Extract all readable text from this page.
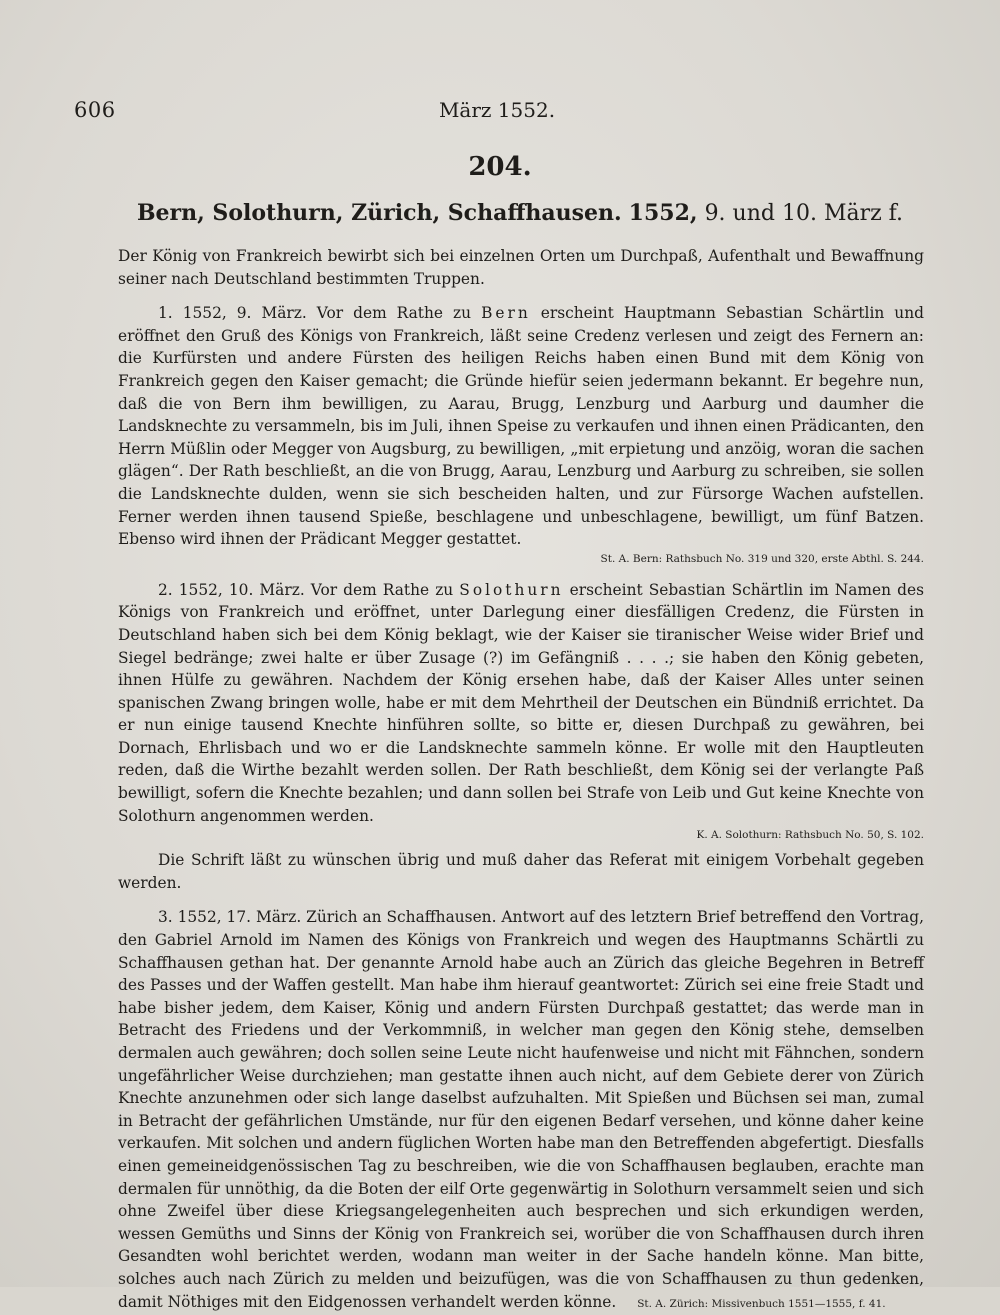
606	März 1552.
204.
Bern, Solothurn, Zürich, Schaffhausen. 1552, 9. und 10. März f.

Der König von Frankreich bewirbt sich bei einzelnen Orten um Durchpaß, Aufenthalt und Bewaffnung seiner nach Deutschland bestimmten Truppen.

1. 1552, 9. März. Vor dem Rathe zu Bern erscheint Hauptmann Sebastian Schärtlin und eröffnet den Gruß des Königs von Frankreich, läßt seine Credenz verlesen und zeigt des Fernern an: die Kurfürsten und andere Fürsten des heiligen Reichs haben einen Bund mit dem König von Frankreich gegen den Kaiser gemacht; die Gründe hiefür seien jedermann bekannt. Er begehre nun, daß die von Bern ihm bewilligen, zu Aarau, Brugg, Lenzburg und Aarburg und daumher die Landsknechte zu versammeln, bis im Juli, ihnen Speise zu verkaufen und ihnen einen Prädicanten, den Herrn Müßlin oder Megger von Augsburg, zu bewilligen, „mit erpietung und anzöig, woran die sachen glägen“. Der Rath beschließt, an die von Brugg, Aarau, Lenzburg und Aarburg zu schreiben, sie sollen die Landsknechte dulden, wenn sie sich bescheiden halten, und zur Fürsorge Wachen aufstellen. Ferner werden ihnen tausend Spieße, beschlagene und unbeschlagene, bewilligt, um fünf Batzen. Ebenso wird ihnen der Prädicant Megger gestattet.

St. A. Bern: Rathsbuch No. 319 und 320, erste Abthl. S. 244.

2. 1552, 10. März. Vor dem Rathe zu Solothurn erscheint Sebastian Schärtlin im Namen des Königs von Frankreich und eröffnet, unter Darlegung einer diesfälligen Credenz, die Fürsten in Deutschland haben sich bei dem König beklagt, wie der Kaiser sie tiranischer Weise wider Brief und Siegel bedränge; zwei halte er über Zusage (?) im Gefängniß . . . .; sie haben den König gebeten, ihnen Hülfe zu gewähren. Nachdem der König ersehen habe, daß der Kaiser Alles unter seinen spanischen Zwang bringen wolle, habe er mit dem Mehrtheil der Deutschen ein Bündniß errichtet. Da er nun einige tausend Knechte hinführen sollte, so bitte er, diesen Durchpaß zu gewähren, bei Dornach, Ehrlisbach und wo er die Landsknechte sammeln könne. Er wolle mit den Hauptleuten reden, daß die Wirthe bezahlt werden sollen. Der Rath beschließt, dem König sei der verlangte Paß bewilligt, sofern die Knechte bezahlen; und dann sollen bei Strafe von Leib und Gut keine Knechte von Solothurn angenommen werden.

K. A. Solothurn: Rathsbuch No. 50, S. 102.

Die Schrift läßt zu wünschen übrig und muß daher das Referat mit einigem Vorbehalt gegeben werden.

3. 1552, 17. März. Zürich an Schaffhausen. Antwort auf des letztern Brief betreffend den Vortrag, den Gabriel Arnold im Namen des Königs von Frankreich und wegen des Hauptmanns Schärtli zu Schaffhausen gethan hat. Der genannte Arnold habe auch an Zürich das gleiche Begehren in Betreff des Passes und der Waffen gestellt. Man habe ihm hierauf geantwortet: Zürich sei eine freie Stadt und habe bisher jedem, dem Kaiser, König und andern Fürsten Durchpaß gestattet; das werde man in Betracht des Friedens und der Verkommniß, in welcher man gegen den König stehe, demselben dermalen auch gewähren; doch sollen seine Leute nicht haufenweise und nicht mit Fähnchen, sondern ungefährlicher Weise durchziehen; man gestatte ihnen auch nicht, auf dem Gebiete derer von Zürich Knechte anzunehmen oder sich lange daselbst aufzuhalten. Mit Spießen und Büchsen sei man, zumal in Betracht der gefährlichen Umstände, nur für den eigenen Bedarf versehen, und könne daher keine verkaufen. Mit solchen und andern füglichen Worten habe man den Betreffenden abgefertigt. Diesfalls einen gemeineidgenössischen Tag zu beschreiben, wie die von Schaffhausen beglauben, erachte man dermalen für unnöthig, da die Boten der eilf Orte gegenwärtig in Solothurn versammelt seien und sich ohne Zweifel über diese Kriegsangelegenheiten auch besprechen und sich erkundigen werden, wessen Gemüths und Sinns der König von Frankreich sei, worüber die von Schaffhausen durch ihren Gesandten wohl berichtet werden, wodann man weiter in der Sache handeln könne. Man bitte, solches auch nach Zürich zu melden und beizufügen, was die von Schaffhausen zu thun gedenken, damit Nöthiges mit den Eidgenossen verhandelt werden könne. St. A. Zürich: Missivenbuch 1551—1555, f. 41.
